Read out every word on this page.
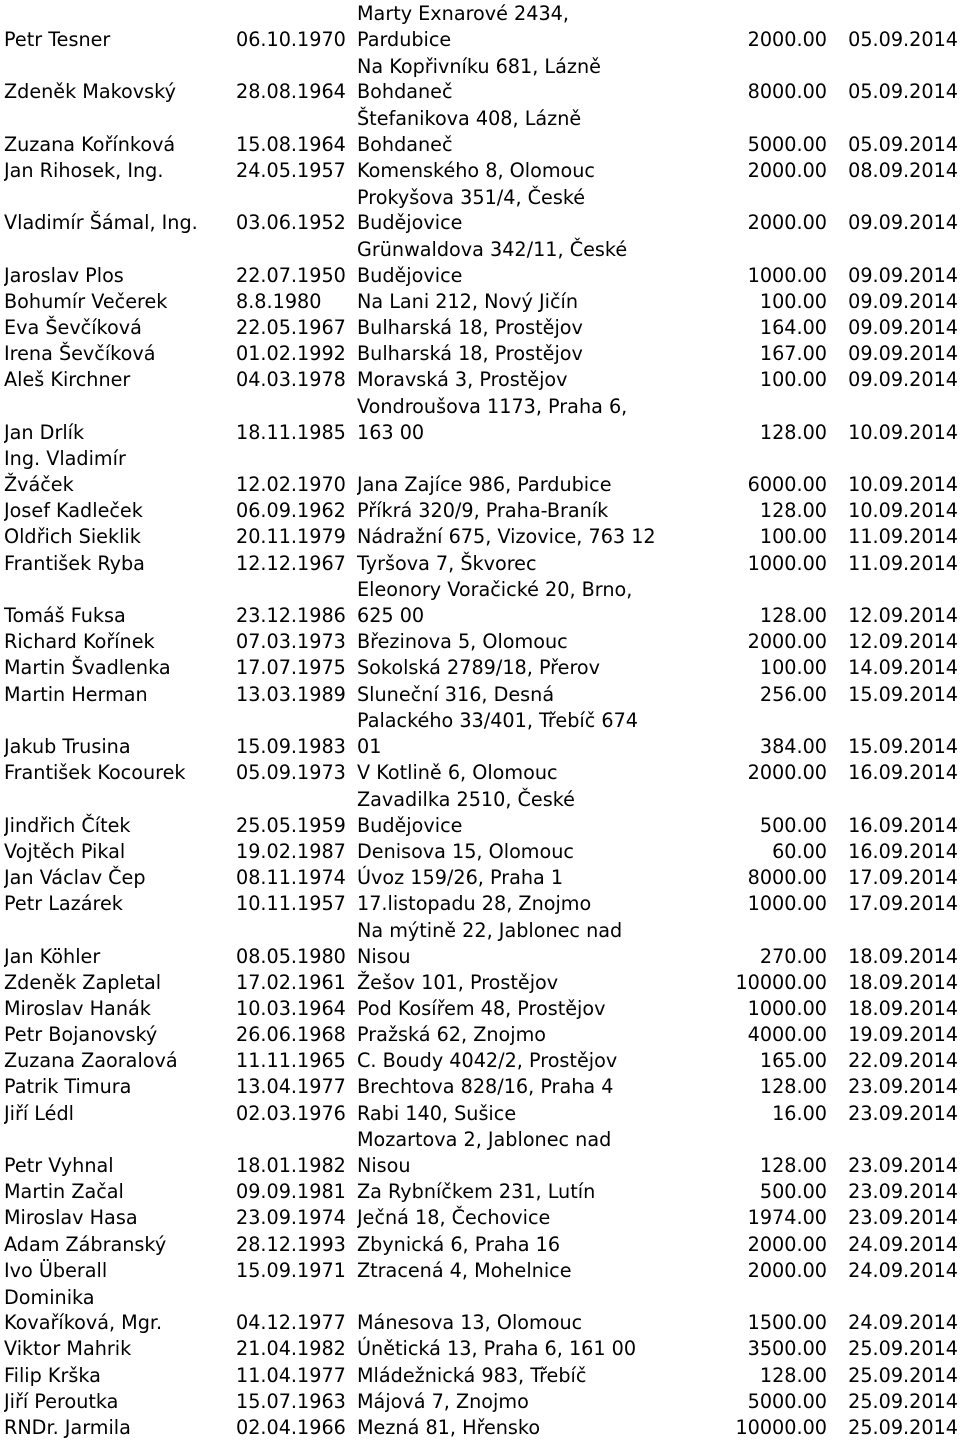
Petr Tesner	06.10.1970	Marty Exnarové 2434,
Pardubice	2000.00	05.09.2014

Zdeněk Makovský	28.08.1964	Na Kopřivníku 681, Lázně
Bohdaneč	8000.00	05.09.2014

Zuzana Kořínková	15.08.1964	Štefanikova 408, Lázně
Bohdaneč	5000.00	05.09.2014

Jan Rihosek, Ing.	24.05.1957	Komenského 8, Olomouc	2000.00	08.09.2014

Vladimír Šámal, Ing.	03.06.1952	Prokyšova 351/4, České
Budějovice	2000.00	09.09.2014

Jaroslav Plos	22.07.1950	Grünwaldova 342/11, České
Budějovice	1000.00	09.09.2014

Bohumír Večerek	8.8.1980	Na Lani 212, Nový Jičín	100.00	09.09.2014

Eva Ševčíková	22.05.1967	Bulharská 18, Prostějov	164.00	09.09.2014

Irena Ševčíková	01.02.1992	Bulharská 18, Prostějov	167.00	09.09.2014

Aleš Kirchner	04.03.1978	Moravská 3, Prostějov	100.00	09.09.2014

Jan Drlík	18.11.1985	Vondroušova 1173, Praha 6,
163 00	128.00	10.09.2014

Ing. Vladimír
Žváček	12.02.1970	Jana Zajíce 986, Pardubice	6000.00	10.09.2014

Josef Kadleček	06.09.1962	Příkrá 320/9, Praha-Braník	128.00	10.09.2014

Oldřich Sieklik	20.11.1979	Nádražní 675, Vizovice, 763 12	100.00	11.09.2014

František Ryba	12.12.1967	Tyršova 7, Škvorec	1000.00	11.09.2014

Tomáš Fuksa	23.12.1986	Eleonory Voračické 20, Brno,
625 00	128.00	12.09.2014

Richard Kořínek	07.03.1973	Březinova 5, Olomouc	2000.00	12.09.2014

Martin Švadlenka	17.07.1975	Sokolská 2789/18, Přerov	100.00	14.09.2014

Martin Herman	13.03.1989	Sluneční 316, Desná	256.00	15.09.2014

Jakub Trusina	15.09.1983	Palackého 33/401, Třebíč 674
01	384.00	15.09.2014

František Kocourek	05.09.1973	V Kotlině 6, Olomouc	2000.00	16.09.2014

Jindřich Čítek	25.05.1959	Zavadilka 2510, České
Budějovice	500.00	16.09.2014

Vojtěch Pikal	19.02.1987	Denisova 15, Olomouc	60.00	16.09.2014

Jan Václav Čep	08.11.1974	Úvoz 159/26, Praha 1	8000.00	17.09.2014

Petr Lazárek	10.11.1957	17.listopadu 28, Znojmo	1000.00	17.09.2014

Jan Köhler	08.05.1980	Na mýtině 22, Jablonec nad
Nisou	270.00	18.09.2014

Zdeněk Zapletal	17.02.1961	Žešov 101, Prostějov	10000.00	18.09.2014

Miroslav Hanák	10.03.1964	Pod Kosířem 48, Prostějov	1000.00	18.09.2014

Petr Bojanovský	26.06.1968	Pražská 62, Znojmo	4000.00	19.09.2014

Zuzana Zaoralová	11.11.1965	C. Boudy 4042/2, Prostějov	165.00	22.09.2014

Patrik Timura	13.04.1977	Brechtova 828/16, Praha 4	128.00	23.09.2014

Jiří Lédl	02.03.1976	Rabi 140, Sušice	16.00	23.09.2014

Petr Vyhnal	18.01.1982	Mozartova 2, Jablonec nad
Nisou	128.00	23.09.2014

Martin Začal	09.09.1981	Za Rybníčkem 231, Lutín	500.00	23.09.2014

Miroslav Hasa	23.09.1974	Ječná 18, Čechovice	1974.00	23.09.2014

Adam Zábranský	28.12.1993	Zbynická 6, Praha 16	2000.00	24.09.2014

Ivo Überall	15.09.1971	Ztracená 4, Mohelnice	2000.00	24.09.2014

Dominika
Kovaříková, Mgr.	04.12.1977	Mánesova 13, Olomouc	1500.00	24.09.2014

Viktor Mahrik	21.04.1982	Únětická 13, Praha 6, 161 00	3500.00	25.09.2014

Filip Krška	11.04.1977	Mládežnická 983, Třebíč	128.00	25.09.2014

Jiří Peroutka	15.07.1963	Májová 7, Znojmo	5000.00	25.09.2014

RNDr. Jarmila	02.04.1966	Mezná 81, Hřensko	10000.00	25.09.2014
